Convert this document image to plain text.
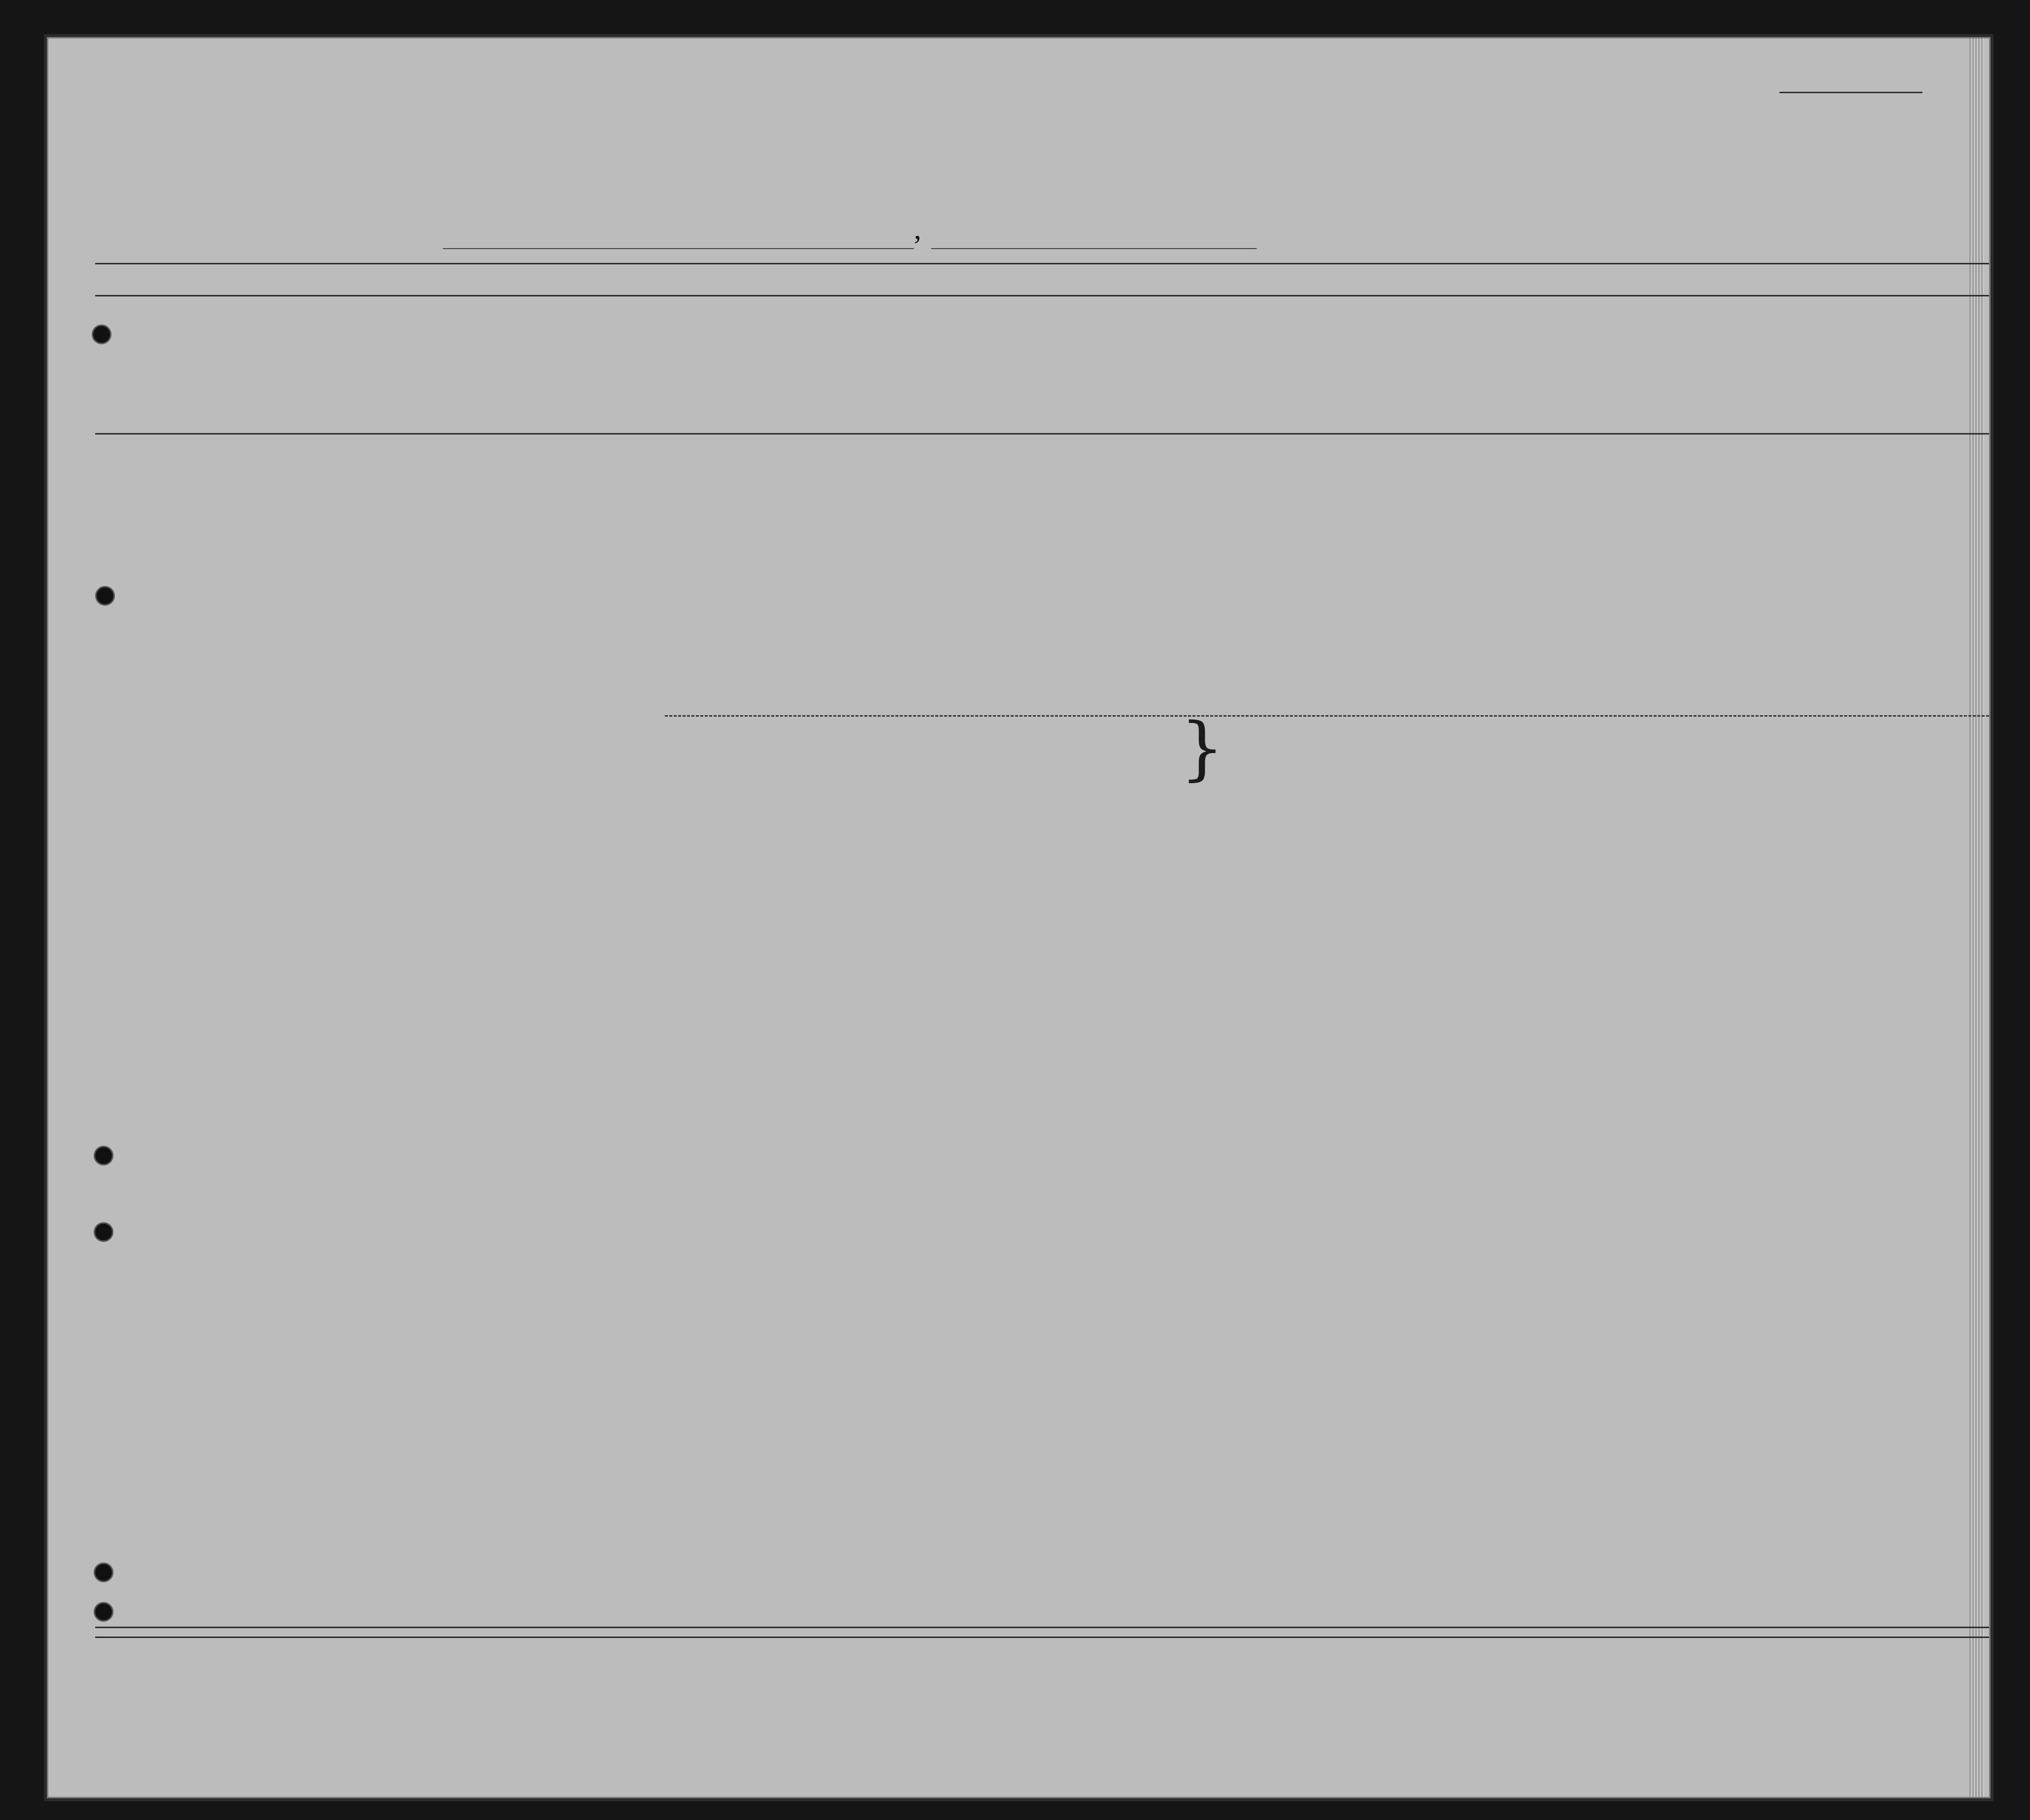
,
}
